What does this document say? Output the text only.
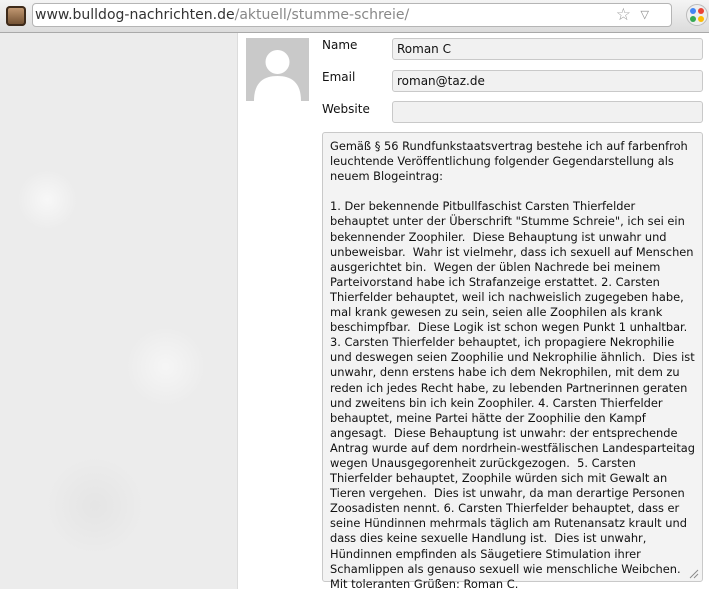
www.bulldog-nachrichten.de/aktuell/stumme-schreie/	☆ ▽
Name
Roman C
Email
roman@taz.de
Website
Gemäß § 56 Rundfunkstaatsvertrag bestehe ich auf farbenfroh leuchtende Veröffentlichung folgender Gegendarstellung als neuem Blogeintrag:

1. Der bekennende Pitbullfaschist Carsten Thierfelder behauptet unter der Überschrift "Stumme Schreie", ich sei ein bekennender Zoophiler.  Diese Behauptung ist unwahr und unbeweisbar.  Wahr ist vielmehr, dass ich sexuell auf Menschen ausgerichtet bin.  Wegen der üblen Nachrede bei meinem Parteivorstand habe ich Strafanzeige erstattet. 2. Carsten Thierfelder behauptet, weil ich nachweislich zugegeben habe, mal krank gewesen zu sein, seien alle Zoophilen als krank beschimpfbar.  Diese Logik ist schon wegen Punkt 1 unhaltbar. 3. Carsten Thierfelder behauptet, ich propagiere Nekrophilie und deswegen seien Zoophilie und Nekrophilie ähnlich.  Dies ist unwahr, denn erstens habe ich dem Nekrophilen, mit dem zu reden ich jedes Recht habe, zu lebenden Partnerinnen geraten und zweitens bin ich kein Zoophiler. 4. Carsten Thierfelder behauptet, meine Partei hätte der Zoophilie den Kampf angesagt.  Diese Behauptung ist unwahr: der entsprechende Antrag wurde auf dem nordrhein-westfälischen Landesparteitag wegen Unausgegorenheit zurückgezogen.  5. Carsten Thierfelder behauptet, Zoophile würden sich mit Gewalt an Tieren vergehen.  Dies ist unwahr, da man derartige Personen Zoosadisten nennt. 6. Carsten Thierfelder behauptet, dass er seine Hündinnen mehrmals täglich am Rutenansatz krault und dass dies keine sexuelle Handlung ist.  Dies ist unwahr, Hündinnen empfinden als Säugetiere Stimulation ihrer Schamlippen als genauso sexuell wie menschliche Weibchen.  Mit toleranten Grüßen: Roman C.
